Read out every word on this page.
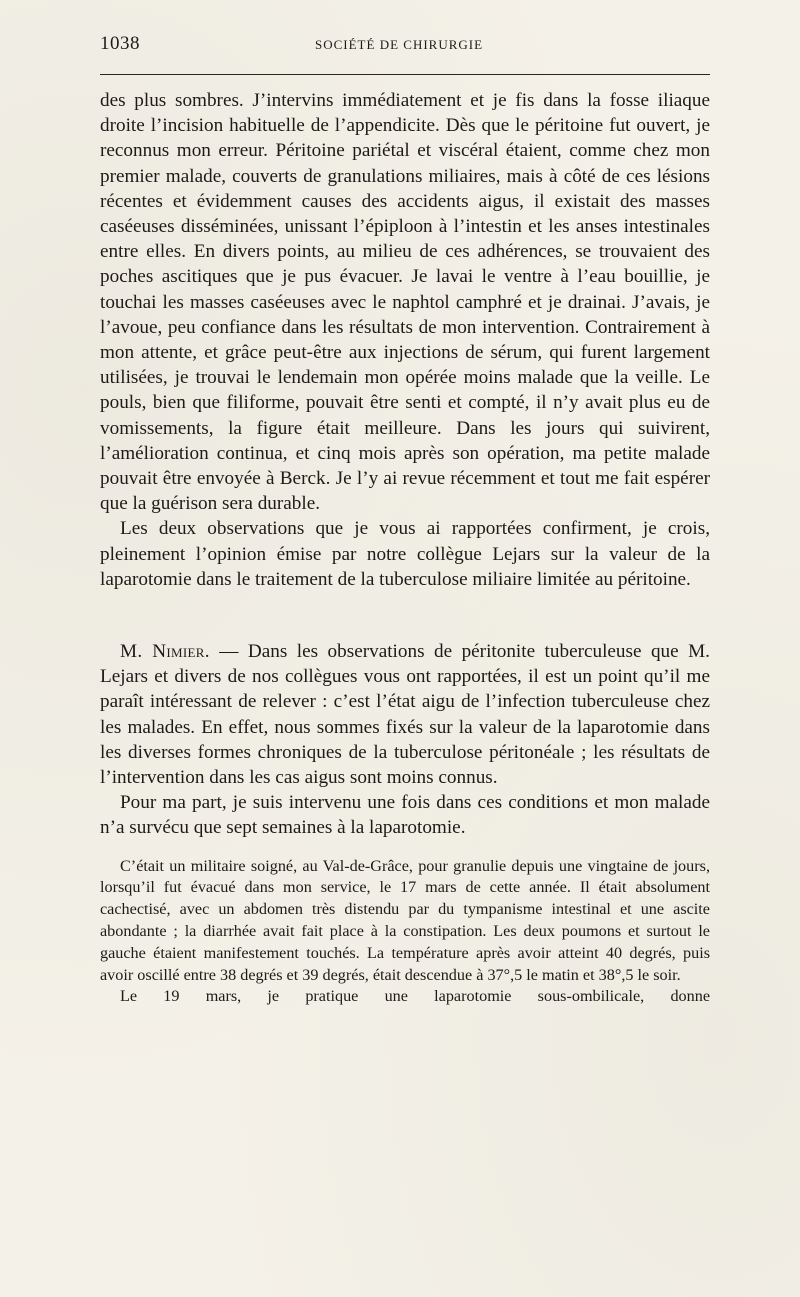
1038	SOCIÉTÉ DE CHIRURGIE

des plus sombres. J’intervins immédiatement et je fis dans la fosse iliaque droite l’incision habituelle de l’appendicite. Dès que le péritoine fut ouvert, je reconnus mon erreur. Péritoine pariétal et viscéral étaient, comme chez mon premier malade, couverts de granulations miliaires, mais à côté de ces lésions récentes et évidemment causes des accidents aigus, il existait des masses caséeuses disséminées, unissant l’épiploon à l’intestin et les anses intestinales entre elles. En divers points, au milieu de ces adhérences, se trouvaient des poches ascitiques que je pus évacuer. Je lavai le ventre à l’eau bouillie, je touchai les masses caséeuses avec le naphtol camphré et je drainai. J’avais, je l’avoue, peu confiance dans les résultats de mon intervention. Contrairement à mon attente, et grâce peut-être aux injections de sérum, qui furent largement utilisées, je trouvai le lendemain mon opérée moins malade que la veille. Le pouls, bien que filiforme, pouvait être senti et compté, il n’y avait plus eu de vomissements, la figure était meilleure. Dans les jours qui suivirent, l’amélioration continua, et cinq mois après son opération, ma petite malade pouvait être envoyée à Berck. Je l’y ai revue récemment et tout me fait espérer que la guérison sera durable.

Les deux observations que je vous ai rapportées confirment, je crois, pleinement l’opinion émise par notre collègue Lejars sur la valeur de la laparotomie dans le traitement de la tuberculose miliaire limitée au péritoine.

M. Nimier. — Dans les observations de péritonite tuberculeuse que M. Lejars et divers de nos collègues vous ont rapportées, il est un point qu’il me paraît intéressant de relever : c’est l’état aigu de l’infection tuberculeuse chez les malades. En effet, nous sommes fixés sur la valeur de la laparotomie dans les diverses formes chroniques de la tuberculose péritonéale ; les résultats de l’intervention dans les cas aigus sont moins connus.

Pour ma part, je suis intervenu une fois dans ces conditions et mon malade n’a survécu que sept semaines à la laparotomie.

C’était un militaire soigné, au Val-de-Grâce, pour granulie depuis une vingtaine de jours, lorsqu’il fut évacué dans mon service, le 17 mars de cette année. Il était absolument cachectisé, avec un abdomen très distendu par du tympanisme intestinal et une ascite abondante ; la diarrhée avait fait place à la constipation. Les deux poumons et surtout le gauche étaient manifestement touchés. La température après avoir atteint 40 degrés, puis avoir oscillé entre 38 degrés et 39 degrés, était descendue à 37°,5 le matin et 38°,5 le soir.

Le 19 mars, je pratique une laparotomie sous-ombilicale, donne
